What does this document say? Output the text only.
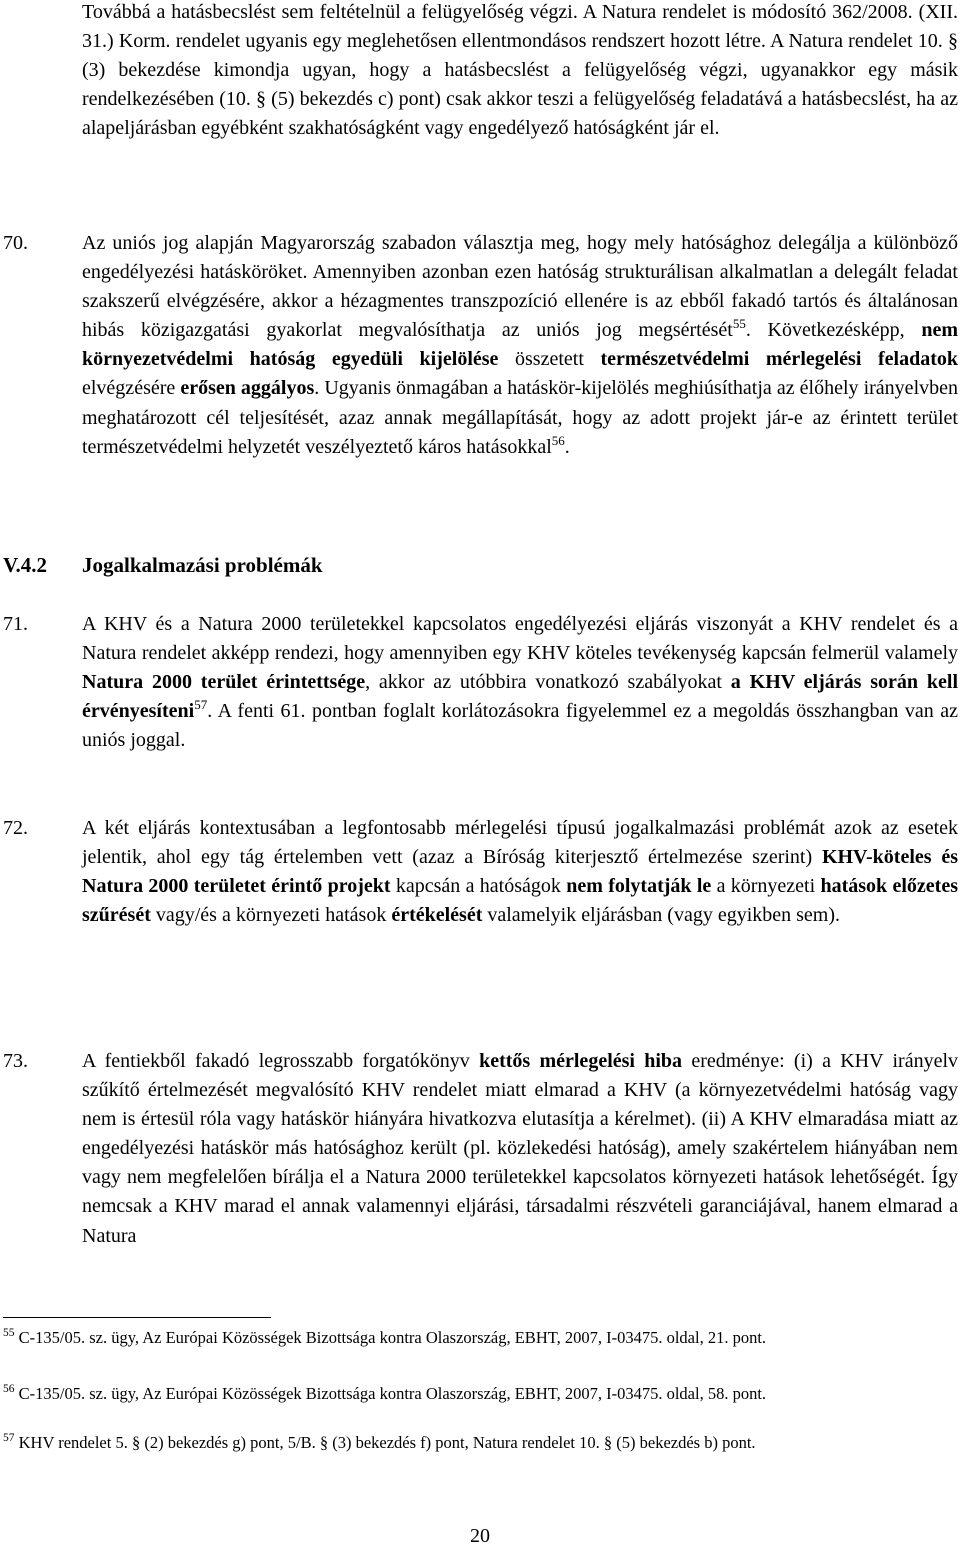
Továbbá a hatásbecslést sem feltételnül a felügyelőség végzi. A Natura rendelet is módosító 362/2008. (XII. 31.) Korm. rendelet ugyanis egy meglehetősen ellentmondásos rendszert hozott létre. A Natura rendelet 10. § (3) bekezdése kimondja ugyan, hogy a hatásbecslést a felügyelőség végzi, ugyanakkor egy másik rendelkezésében (10. § (5) bekezdés c) pont) csak akkor teszi a felügyelőség feladatává a hatásbecslést, ha az alapeljárásban egyébként szakhatóságként vagy engedélyező hatóságként jár el.

70.	Az uniós jog alapján Magyarország szabadon választja meg, hogy mely hatósághoz delegálja a különböző engedélyezési hatásköröket. Amennyiben azonban ezen hatóság strukturálisan alkalmatlan a delegált feladat szakszerű elvégzésére, akkor a hézagmentes transzpozíció ellenére is az ebből fakadó tartós és általánosan hibás közigazgatási gyakorlat megvalósíthatja az uniós jog megsértését$^{55}$. Következésképp, nem környezetvédelmi hatóság egyedüli kijelölése összetett természetvédelmi mérlegelési feladatok elvégzésére erősen aggályos. Ugyanis önmagában a hatáskör-kijelölés meghiúsíthatja az élőhely irányelvben meghatározott cél teljesítését, azaz annak megállapítását, hogy az adott projekt jár-e az érintett terület természetvédelmi helyzetét veszélyeztető káros hatásokkal$^{56}$.

V.4.2 Jogalkalmazási problémák
71.	A KHV és a Natura 2000 területekkel kapcsolatos engedélyezési eljárás viszonyát a KHV rendelet és a Natura rendelet akképp rendezi, hogy amennyiben egy KHV köteles tevékenység kapcsán felmerül valamely Natura 2000 terület érintettsége, akkor az utóbbira vonatkozó szabályokat a KHV eljárás során kell érvényesíteni$^{57}$. A fenti 61. pontban foglalt korlátozásokra figyelemmel ez a megoldás összhangban van az uniós joggal.

72.	A két eljárás kontextusában a legfontosabb mérlegelési típusú jogalkalmazási problémát azok az esetek jelentik, ahol egy tág értelemben vett (azaz a Bíróság kiterjesztő értelmezése szerint) KHV-köteles és Natura 2000 területet érintő projekt kapcsán a hatóságok nem folytatják le a környezeti hatások előzetes szűrését vagy/és a környezeti hatások értékelését valamelyik eljárásban (vagy egyikben sem).

73.	A fentiekből fakadó legrosszabb forgatókönyv kettős mérlegelési hiba eredménye: (i) a KHV irányelv szűkítő értelmezését megvalósító KHV rendelet miatt elmarad a KHV (a környezetvédelmi hatóság vagy nem is értesül róla vagy hatáskör hiányára hivatkozva elutasítja a kérelmet). (ii) A KHV elmaradása miatt az engedélyezési hatáskör más hatósághoz került (pl. közlekedési hatóság), amely szakértelem hiányában nem vagy nem megfelelően bírálja el a Natura 2000 területekkel kapcsolatos környezeti hatások lehetőségét. Így nemcsak a KHV marad el annak valamennyi eljárási, társadalmi részvételi garanciájával, hanem elmarad a Natura

$^{55}$ C-135/05. sz. ügy, Az Európai Közösségek Bizottsága kontra Olaszország, EBHT, 2007, I-03475. oldal, 21. pont.

$^{56}$ C-135/05. sz. ügy, Az Európai Közösségek Bizottsága kontra Olaszország, EBHT, 2007, I-03475. oldal, 58. pont.

$^{57}$ KHV rendelet 5. § (2) bekezdés g) pont, 5/B. § (3) bekezdés f) pont, Natura rendelet 10. § (5) bekezdés b) pont.

20
